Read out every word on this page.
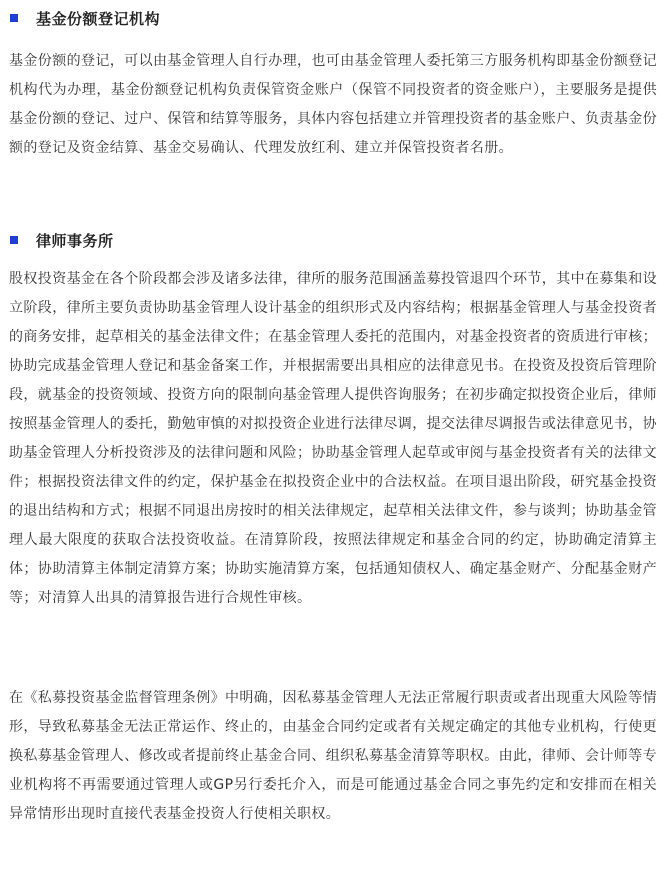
基金份额登记机构

基金份额的登记，可以由基金管理人自行办理，也可由基金管理人委托第三方服务机构即基金份额登记机构代为办理，基金份额登记机构负责保管资金账户（保管不同投资者的资金账户），主要服务是提供基金份额的登记、过户、保管和结算等服务，具体内容包括建立并管理投资者的基金账户、负责基金份额的登记及资金结算、基金交易确认、代理发放红利、建立并保管投资者名册。

律师事务所

股权投资基金在各个阶段都会涉及诸多法律，律所的服务范围涵盖募投管退四个环节，其中在募集和设立阶段，律所主要负责协助基金管理人设计基金的组织形式及内容结构；根据基金管理人与基金投资者的商务安排，起草相关的基金法律文件；在基金管理人委托的范围内，对基金投资者的资质进行审核；协助完成基金管理人登记和基金备案工作，并根据需要出具相应的法律意见书。在投资及投资后管理阶段，就基金的投资领域、投资方向的限制向基金管理人提供咨询服务；在初步确定拟投资企业后，律师按照基金管理人的委托，勤勉审慎的对拟投资企业进行法律尽调，提交法律尽调报告或法律意见书，协助基金管理人分析投资涉及的法律问题和风险；协助基金管理人起草或审阅与基金投资者有关的法律文件；根据投资法律文件的约定，保护基金在拟投资企业中的合法权益。在项目退出阶段，研究基金投资的退出结构和方式；根据不同退出房按时的相关法律规定，起草相关法律文件，参与谈判；协助基金管理人最大限度的获取合法投资收益。在清算阶段，按照法律规定和基金合同的约定，协助确定清算主体；协助清算主体制定清算方案；协助实施清算方案，包括通知债权人、确定基金财产、分配基金财产等；对清算人出具的清算报告进行合规性审核。

在《私募投资基金监督管理条例》中明确，因私募基金管理人无法正常履行职责或者出现重大风险等情形，导致私募基金无法正常运作、终止的，由基金合同约定或者有关规定确定的其他专业机构，行使更换私募基金管理人、修改或者提前终止基金合同、组织私募基金清算等职权。由此，律师、会计师等专业机构将不再需要通过管理人或GP另行委托介入，而是可能通过基金合同之事先约定和安排而在相关异常情形出现时直接代表基金投资人行使相关职权。
